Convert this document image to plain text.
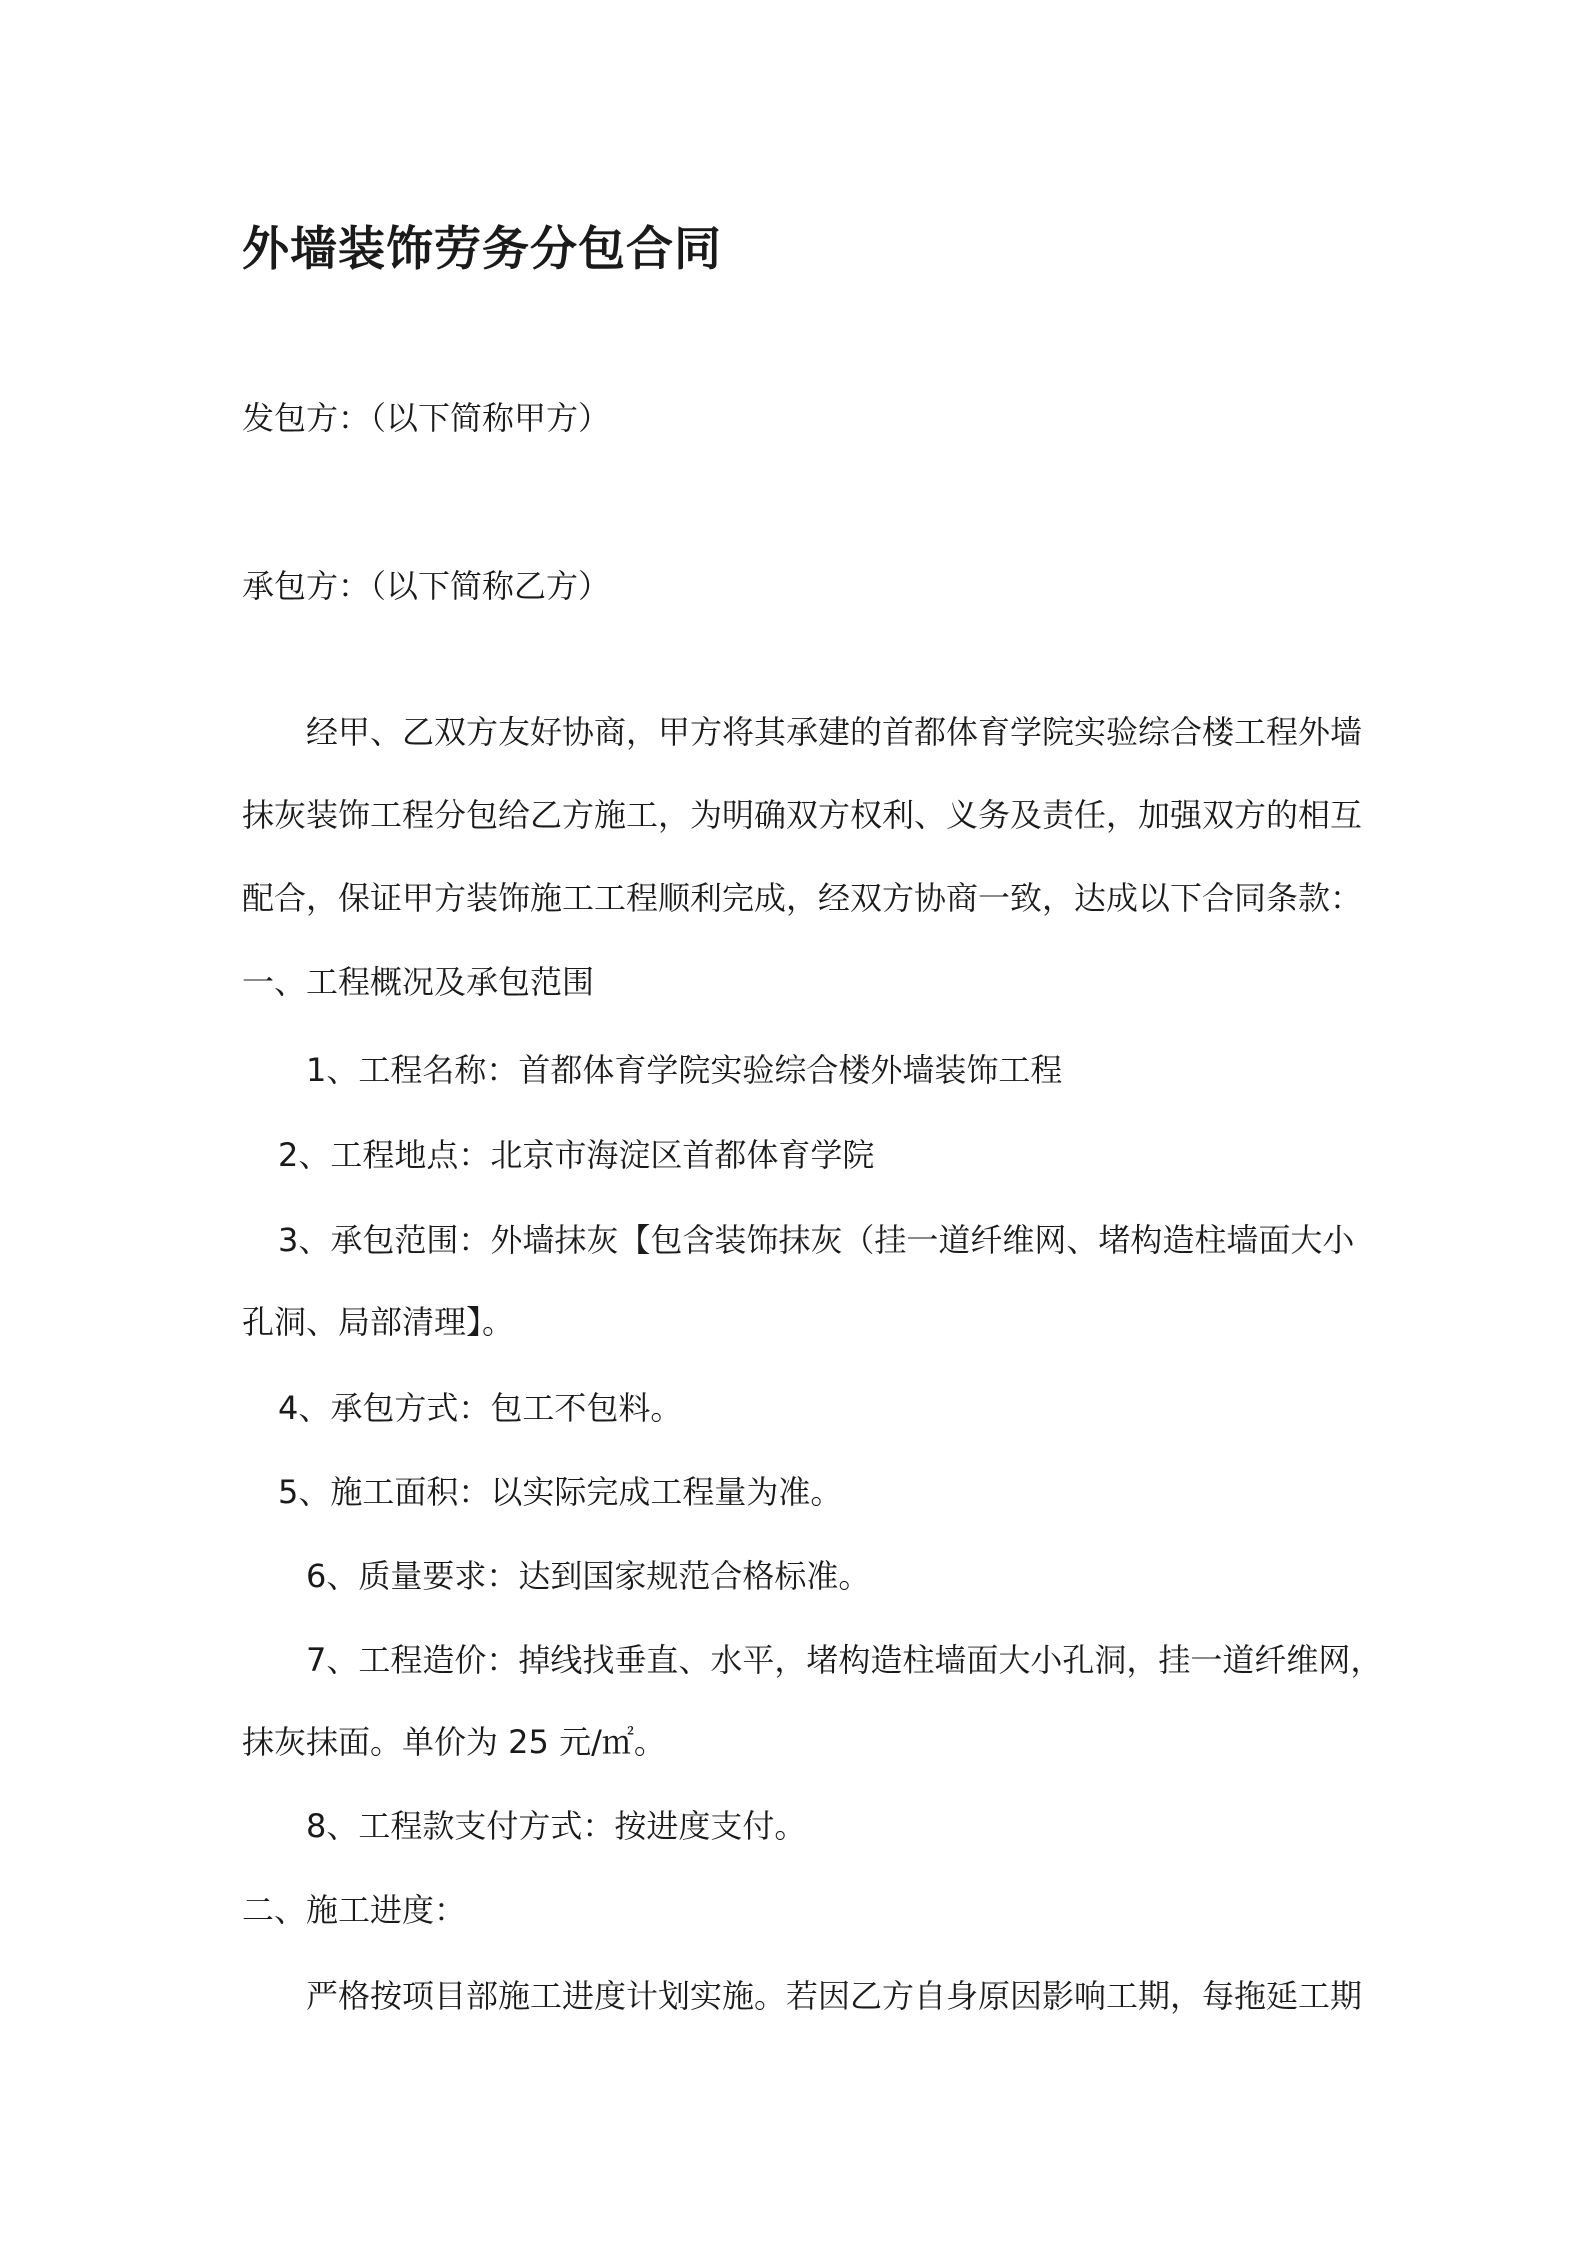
外墙装饰劳务分包合同
发包方：（以下简称甲方）
承包方：（以下简称乙方）
经甲、乙双方友好协商，甲方将其承建的首都体育学院实验综合楼工程外墙
抹灰装饰工程分包给乙方施工，为明确双方权利、义务及责任，加强双方的相互
配合，保证甲方装饰施工工程顺利完成，经双方协商一致，达成以下合同条款：
一、工程概况及承包范围
1、工程名称：首都体育学院实验综合楼外墙装饰工程
2、工程地点：北京市海淀区首都体育学院
3、承包范围：外墙抹灰【包含装饰抹灰（挂一道纤维网、堵构造柱墙面大小
孔洞、局部清理】。
4、承包方式：包工不包料。
5、施工面积：以实际完成工程量为准。
6、质量要求：达到国家规范合格标准。
7、工程造价：掉线找垂直、水平，堵构造柱墙面大小孔洞，挂一道纤维网，
抹灰抹面。单价为 25 元/㎡。
8、工程款支付方式：按进度支付。
二、施工进度：
严格按项目部施工进度计划实施。若因乙方自身原因影响工期，每拖延工期
